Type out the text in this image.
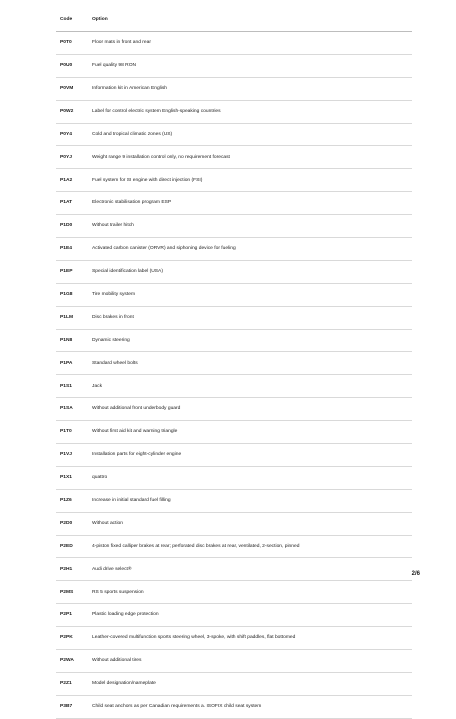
Code	Option
P0T0	Floor mats in front and rear
P0U0	Fuel quality 98 RON
P0VM	Information kit in American English
P0W2	Label for control electric system English-speaking countries
P0Y4	Cold and tropical climatic zones (US)
P0YJ	Weight range 9 installation control only, no requirement forecast
P1A2	Fuel system for SI engine with direct injection (FSI)
P1AT	Electronic stabilisation program ESP
P1D0	Without trailer hitch
P1E4	Activated carbon canister (ORVR) and siphoning device for fueling
P1EP	Special identification label (USA)
P1G8	Tire mobility system
P1LM	Disc brakes in front
P1N8	Dynamic steering
P1PA	Standard wheel bolts
P1S1	Jack
P1SA	Without additional front underbody guard
P1T0	Without first aid kit and warning triangle
P1VJ	Installation parts for eight-cylinder engine
P1X1	quattro
P1Z6	Increase in initial standard fuel filling
P2D0	Without action
P2ED	4-piston fixed calliper brakes at rear; perforated disc brakes at rear, ventilated, 2-section, pinned
P2H1	Audi drive select®
P2MS	RS 5 sports suspension
P2P1	Plastic loading edge protection
P2PK	Leather-covered multifunction sports steering wheel, 3-spoke, with shift paddles, flat bottomed
P2WA	Without additional tires
P2Z1	Model designation/nameplate
P3B7	Child seat anchors as per Canadian requirements a. ISOFIX child seat system
2/6
